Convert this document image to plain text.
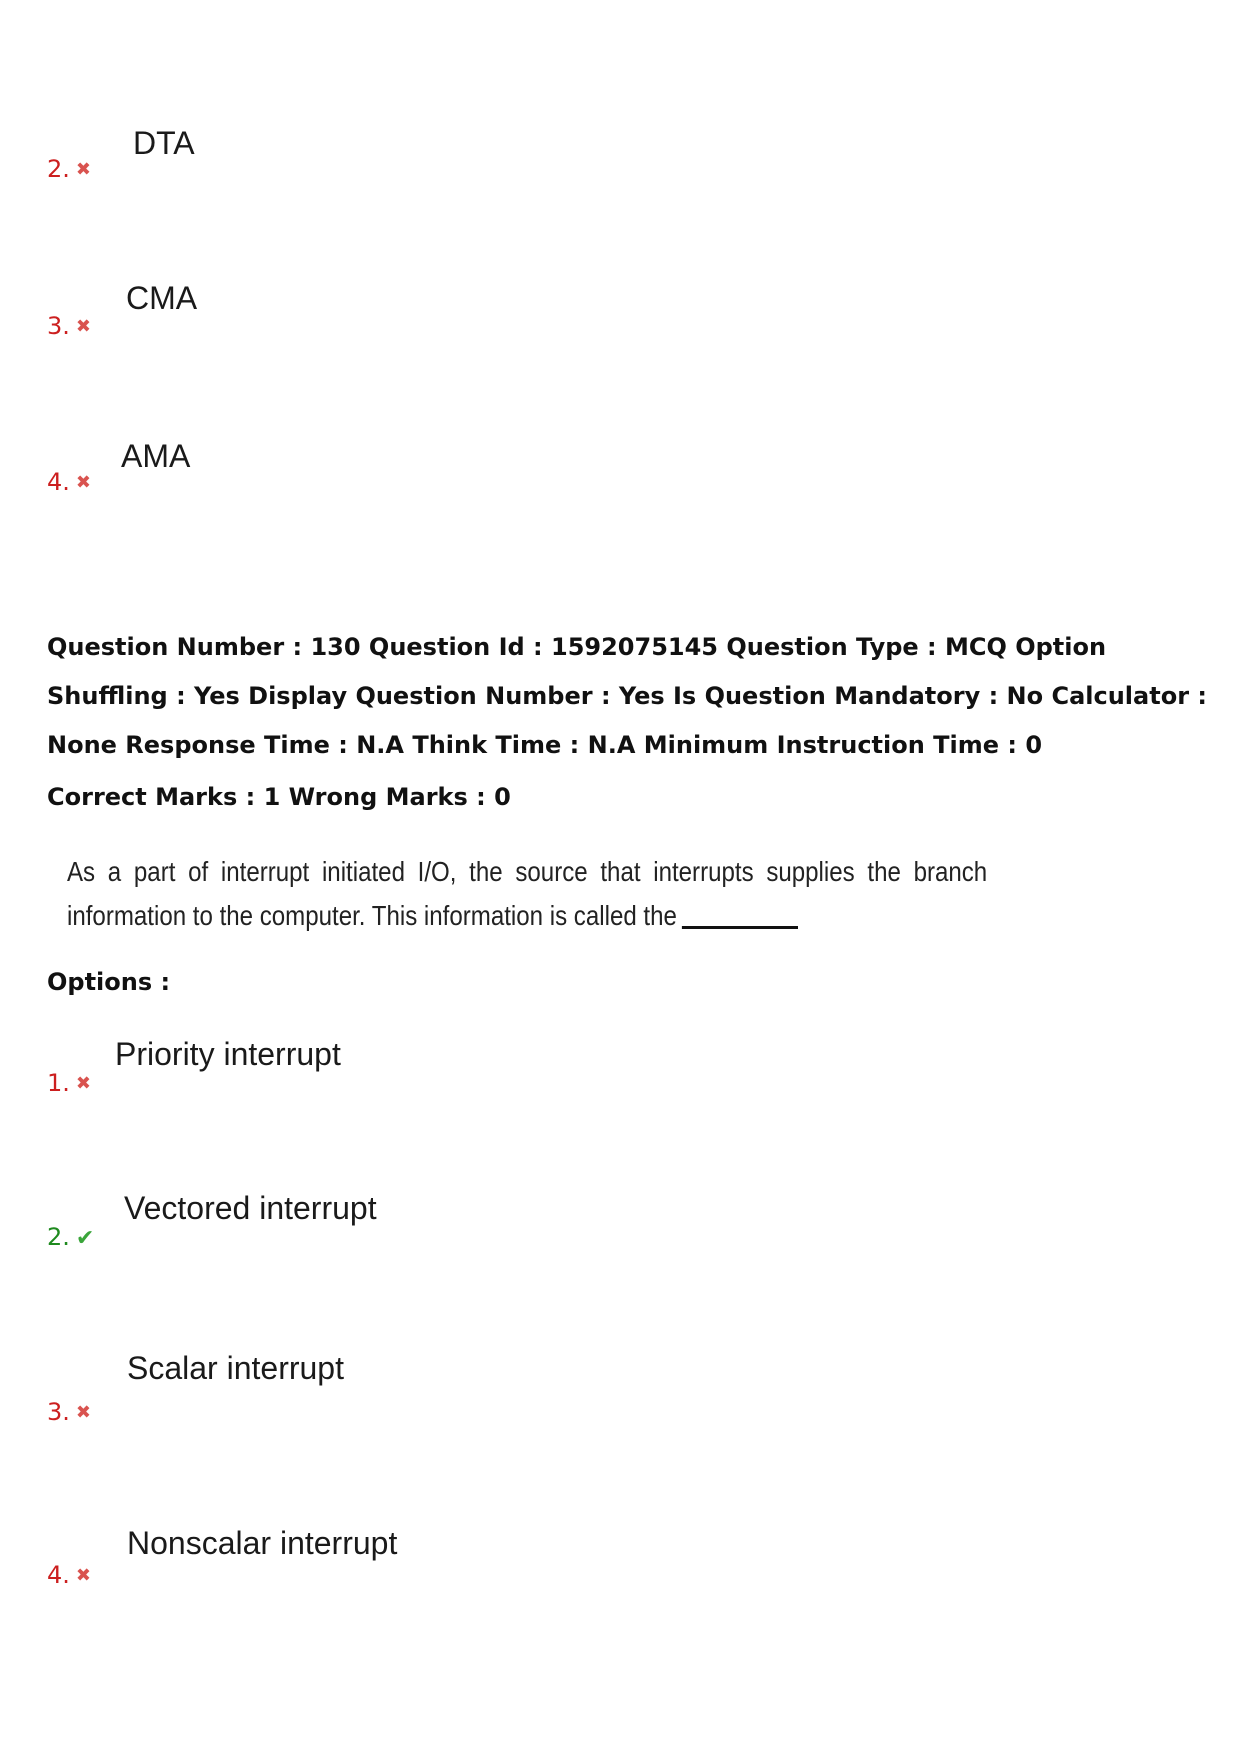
DTA
2. ✖
CMA
3. ✖
AMA
4. ✖
Question Number : 130 Question Id : 1592075145 Question Type : MCQ Option Shuffling : Yes Display Question Number : Yes Is Question Mandatory : No Calculator : None Response Time : N.A Think Time : N.A Minimum Instruction Time : 0
Correct Marks : 1 Wrong Marks : 0
As a part of interrupt initiated I/O, the source that interrupts supplies the branch
information to the computer. This information is called the
Options :
Priority interrupt
1. ✖
Vectored interrupt
2. ✔
Scalar interrupt
3. ✖
Nonscalar interrupt
4. ✖
